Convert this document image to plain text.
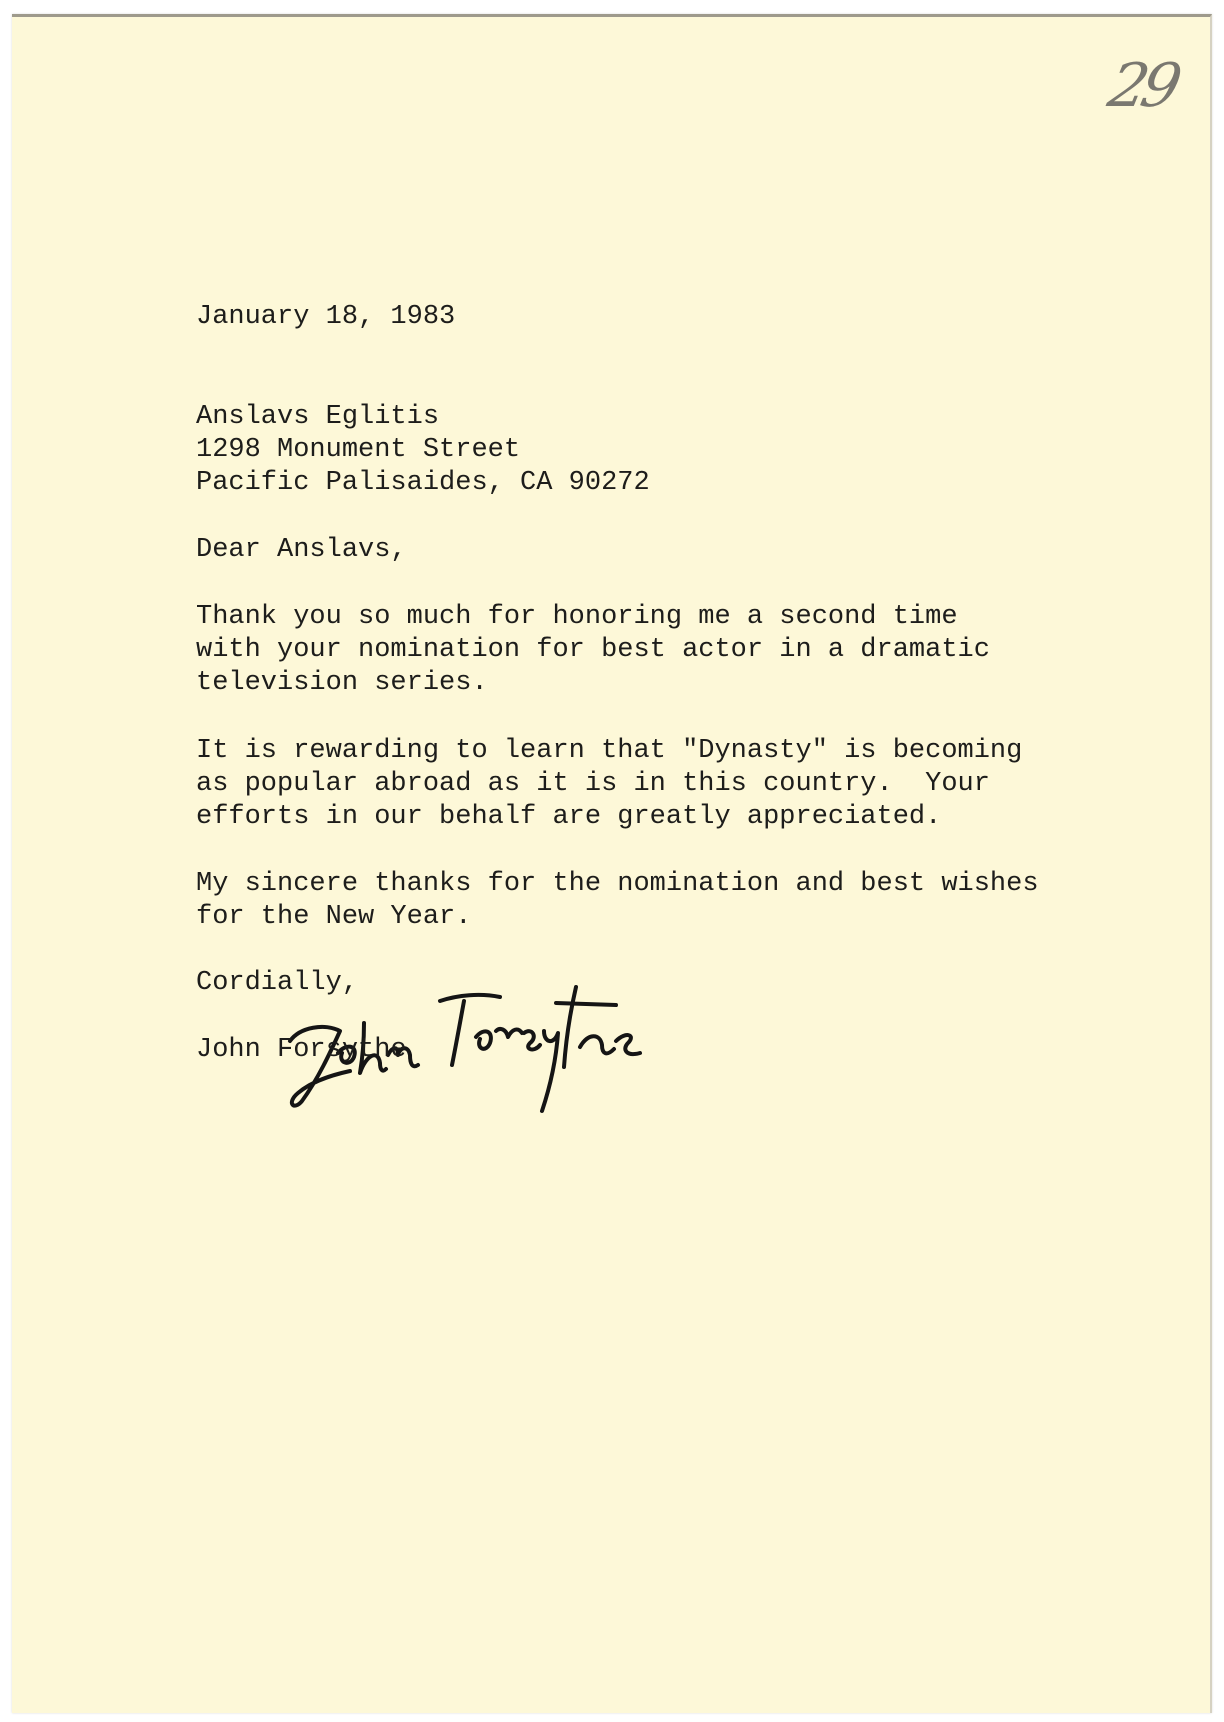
29

January 18, 1983

Anslavs Eglitis

1298 Monument Street

Pacific Palisaides, CA 90272

Dear Anslavs,

Thank you so much for honoring me a second time
with your nomination for best actor in a dramatic
television series.

It is rewarding to learn that "Dynasty" is becoming
as popular abroad as it is in this country.  Your
efforts in our behalf are greatly appreciated.

My sincere thanks for the nomination and best wishes
for the New Year.

Cordially,

John Forsythe
